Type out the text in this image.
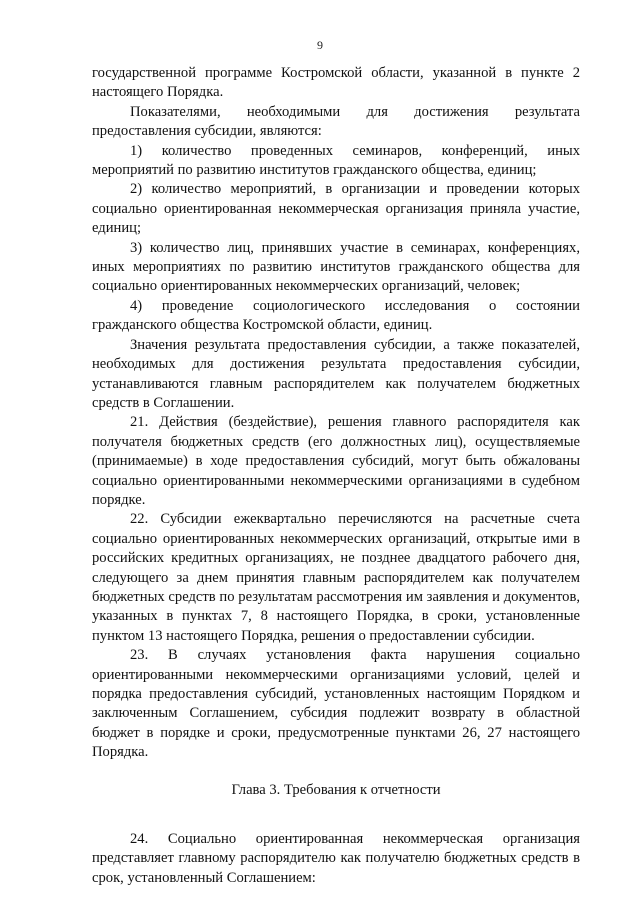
9

государственной программе Костромской области, указанной в пункте 2 настоящего Порядка.

Показателями, необходимыми для достижения результата предоставления субсидии, являются:

1) количество проведенных семинаров, конференций, иных мероприятий по развитию институтов гражданского общества, единиц;

2) количество мероприятий, в организации и проведении которых социально ориентированная некоммерческая организация приняла участие, единиц;

3) количество лиц, принявших участие в семинарах, конференциях, иных мероприятиях по развитию институтов гражданского общества для социально ориентированных некоммерческих организаций, человек;

4) проведение социологического исследования о состоянии гражданского общества Костромской области, единиц.

Значения результата предоставления субсидии, а также показателей, необходимых для достижения результата предоставления субсидии, устанавливаются главным распорядителем как получателем бюджетных средств в Соглашении.

21. Действия (бездействие), решения главного распорядителя как получателя бюджетных средств (его должностных лиц), осуществляемые (принимаемые) в ходе предоставления субсидий, могут быть обжалованы социально ориентированными некоммерческими организациями в судебном порядке.

22. Субсидии ежеквартально перечисляются на расчетные счета социально ориентированных некоммерческих организаций, открытые ими в российских кредитных организациях, не позднее двадцатого рабочего дня, следующего за днем принятия главным распорядителем как получателем бюджетных средств по результатам рассмотрения им заявления и документов, указанных в пунктах 7, 8 настоящего Порядка, в сроки, установленные пунктом 13 настоящего Порядка, решения о предоставлении субсидии.

23. В случаях установления факта нарушения социально ориентированными некоммерческими организациями условий, целей и порядка предоставления субсидий, установленных настоящим Порядком и заключенным Соглашением, субсидия подлежит возврату в областной бюджет в порядке и сроки, предусмотренные пунктами 26, 27 настоящего Порядка.

Глава 3. Требования к отчетности

24. Социально ориентированная некоммерческая организация представляет главному распорядителю как получателю бюджетных средств в срок, установленный Соглашением:
